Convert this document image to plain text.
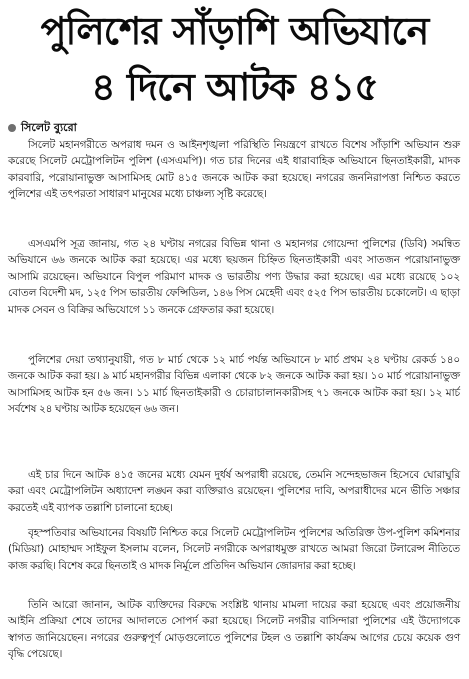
পুলিশের সাঁড়াশি অভিযানে
৪ দিনে আটক ৪১৫
সিলেট ব্যুরো

সিলেট মহানগরীতে অপরাধ দমন ও আইনশৃঙ্খলা পরিস্থিতি নিয়ন্ত্রণে রাখতে বিশেষ সাঁড়াশি অভিযান শুরু করেছে সিলেট মেট্রোপলিটন পুলিশ (এসএমপি)। গত চার দিনের এই ধারাবাহিক অভিযানে ছিনতাইকারী, মাদক কারবারি, পরোয়ানাভুক্ত আসামিসহ মোট ৪১৫ জনকে আটক করা হয়েছে। নগরের জননিরাপত্তা নিশ্চিত করতে পুলিশের এই তৎপরতা সাধারণ মানুষের মধ্যে চাঞ্চল্য সৃষ্টি করেছে।

এসএমপি সূত্র জানায়, গত ২৪ ঘণ্টায় নগরের বিভিন্ন থানা ও মহানগর গোয়েন্দা পুলিশের (ডিবি) সমন্বিত অভিযানে ৬৬ জনকে আটক করা হয়েছে। এর মধ্যে ছয়জন চিহ্নিত ছিনতাইকারী এবং সাতজন পরোয়ানাভুক্ত আসামি রয়েছেন। অভিযানে বিপুল পরিমাণ মাদক ও ভারতীয় পণ্য উদ্ধার করা হয়েছে। এর মধ্যে রয়েছে ১০২ বোতল বিদেশী মদ, ১২৫ পিস ভারতীয় ফেন্সিডিল, ১৪৬ পিস মেহেদী এবং ৫২৫ পিস ভারতীয় চকোলেট। এ ছাড়া মাদক সেবন ও বিক্রির অভিযোগে ১১ জনকে গ্রেফতার করা হয়েছে।

পুলিশের দেয়া তথ্যানুযায়ী, গত ৮ মার্চ থেকে ১২ মার্চ পর্যন্ত অভিযানে ৮ মার্চ প্রথম ২৪ ঘণ্টায় রেকর্ড ১৪০ জনকে আটক করা হয়। ৯ মার্চ মহানগরীর বিভিন্ন এলাকা থেকে ৮২ জনকে আটক করা হয়। ১০ মার্চ পরোয়ানাভুক্ত আসামিসহ আটক হন ৫৬ জন। ১১ মার্চ ছিনতাইকারী ও চোরাচালানকারীসহ ৭১ জনকে আটক করা হয়। ১২ মার্চ সর্বশেষ ২৪ ঘণ্টায় আটক হয়েছেন ৬৬ জন।

এই চার দিনে আটক ৪১৫ জনের মধ্যে যেমন দুর্ধর্ষ অপরাধী রয়েছে, তেমনি সন্দেহভাজন হিসেবে ঘোরাঘুরি করা এবং মেট্রোপলিটন অধ্যাদেশ লঙ্ঘন করা ব্যক্তিরাও রয়েছেন। পুলিশের দাবি, অপরাধীদের মনে ভীতি সঞ্চার করতেই এই ব্যাপক তল্লাশি চালানো হচ্ছে।

বৃহস্পতিবার অভিযানের বিষয়টি নিশ্চিত করে সিলেট মেট্রোপলিটন পুলিশের অতিরিক্ত উপ-পুলিশ কমিশনার (মিডিয়া) মোহাম্মদ সাইফুল ইসলাম বলেন, সিলেট নগরীকে অপরাধমুক্ত রাখতে আমরা জিরো টলারেন্স নীতিতে কাজ করছি। বিশেষ করে ছিনতাই ও মাদক নির্মূলে প্রতিদিন অভিযান জোরদার করা হচ্ছে।

তিনি আরো জানান, আটক ব্যক্তিদের বিরুদ্ধে সংশ্লিষ্ট থানায় মামলা দায়ের করা হয়েছে এবং প্রয়োজনীয় আইনি প্রক্রিয়া শেষে তাদের আদালতে সোপর্দ করা হয়েছে। সিলেট নগরীর বাসিন্দারা পুলিশের এই উদ্যোগকে স্বাগত জানিয়েছেন। নগরের গুরুত্বপূর্ণ মোড়গুলোতে পুলিশের টহল ও তল্লাশি কার্যক্রম আগের চেয়ে কয়েক গুণ বৃদ্ধি পেয়েছে।
